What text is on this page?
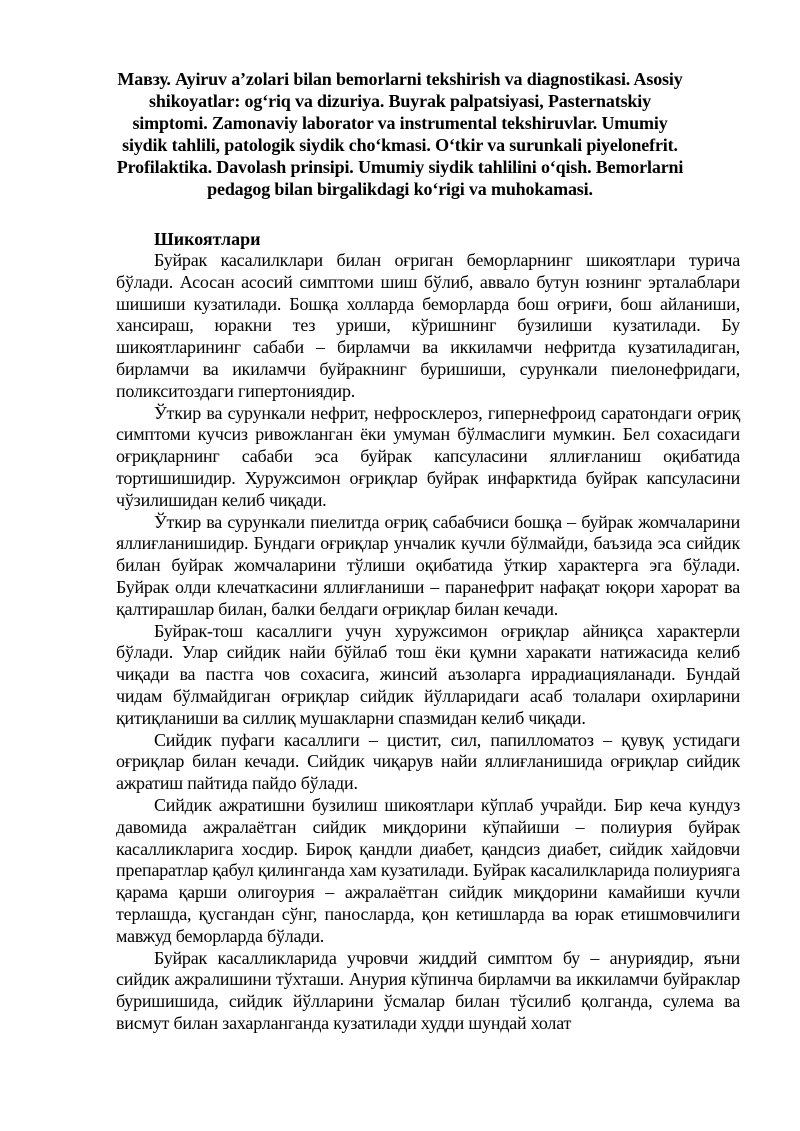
Мавзу. Ayiruv a’zolari bilan bemorlarni tekshirish va diagnostikasi. Asosiy shikoyatlar: og‘riq va dizuriya. Buyrak palpatsiyasi, Pasternatskiy simptomi. Zamonaviy laborator va instrumental tekshiruvlar. Umumiy siydik tahlili, patologik siydik cho‘kmasi. O‘tkir va surunkali piyelonefrit. Profilaktika. Davolash prinsipi. Umumiy siydik tahlilini o‘qish. Bemorlarni pedagog bilan birgalikdagi ko‘rigi va muhokamasi.
Шикоятлари

Буйрак касалилклари билан оғриган беморларнинг шикоятлари турича бўлади. Асосан асосий симптоми шиш бўлиб, аввало бутун юзнинг эрталаблари шишиши кузатилади. Бошқа холларда беморларда бош оғриғи, бош айланиши, хансираш, юракни тез уриши, кўришнинг бузилиши кузатилади. Бу шикоятларининг сабаби – бирламчи ва иккиламчи нефритда кузатиладиган, бирламчи ва икиламчи буйракнинг буришиши, сурункали пиелонефридаги, поликситоздаги гипертониядир.

Ўткир ва сурункали нефрит, нефросклероз, гипернефроид саратондаги оғриқ симптоми кучсиз ривожланган ёки умуман бўлмаслиги мумкин. Бел сохасидаги оғриқларнинг сабаби эса буйрак капсуласини яллиғланиш оқибатида тортишишидир. Хуружсимон оғриқлар буйрак инфарктида буйрак капсуласини чўзилишидан келиб чиқади.

Ўткир ва сурункали пиелитда оғриқ сабабчиси бошқа – буйрак жомчаларини яллиғланишидир. Бундаги оғриқлар унчалик кучли бўлмайди, баъзида эса сийдик билан буйрак жомчаларини тўлиши оқибатида ўткир характерга эга бўлади. Буйрак олди клечаткасини яллиғланиши – паранефрит нафақат юқори харорат ва қалтирашлар билан, балки белдаги оғриқлар билан кечади.

Буйрак-тош касаллиги учун хуружсимон оғриқлар айниқса характерли бўлади. Улар сийдик найи бўйлаб тош ёки қумни харакати натижасида келиб чиқади ва пастга чов сохасига, жинсий аъзоларга иррадиацияланади. Бундай чидам бўлмайдиган оғриқлар сийдик йўлларидаги асаб толалари охирларини қитиқланиши ва силлиқ мушакларни спазмидан келиб чиқади.

Сийдик пуфаги касаллиги – цистит, сил, папилломатоз – қувуқ устидаги оғриқлар билан кечади. Сийдик чиқарув найи яллиғланишида оғриқлар сийдик ажратиш пайтида пайдо бўлади.

Сийдик ажратишни бузилиш шикоятлари кўплаб учрайди. Бир кеча кундуз давомида ажралаётган сийдик миқдорини кўпайиши – полиурия буйрак касалликларига хосдир. Бироқ қандли диабет, қандсиз диабет, сийдик хайдовчи препаратлар қабул қилинганда хам кузатилади. Буйрак касалилкларида полиурияга қарама қарши олигоурия – ажралаётган сийдик миқдорини камайиши кучли терлашда, қусгандан сўнг, паносларда, қон кетишларда ва юрак етишмовчилиги мавжуд беморларда бўлади.

Буйрак касалликларида учровчи жиддий симптом бу – ануриядир, яъни сийдик ажралишини тўхташи. Анурия кўпинча бирламчи ва иккиламчи буйраклар буришишида, сийдик йўлларини ўсмалар билан тўсилиб қолганда, сулема ва висмут билан захарланганда кузатилади худди шундай холат
